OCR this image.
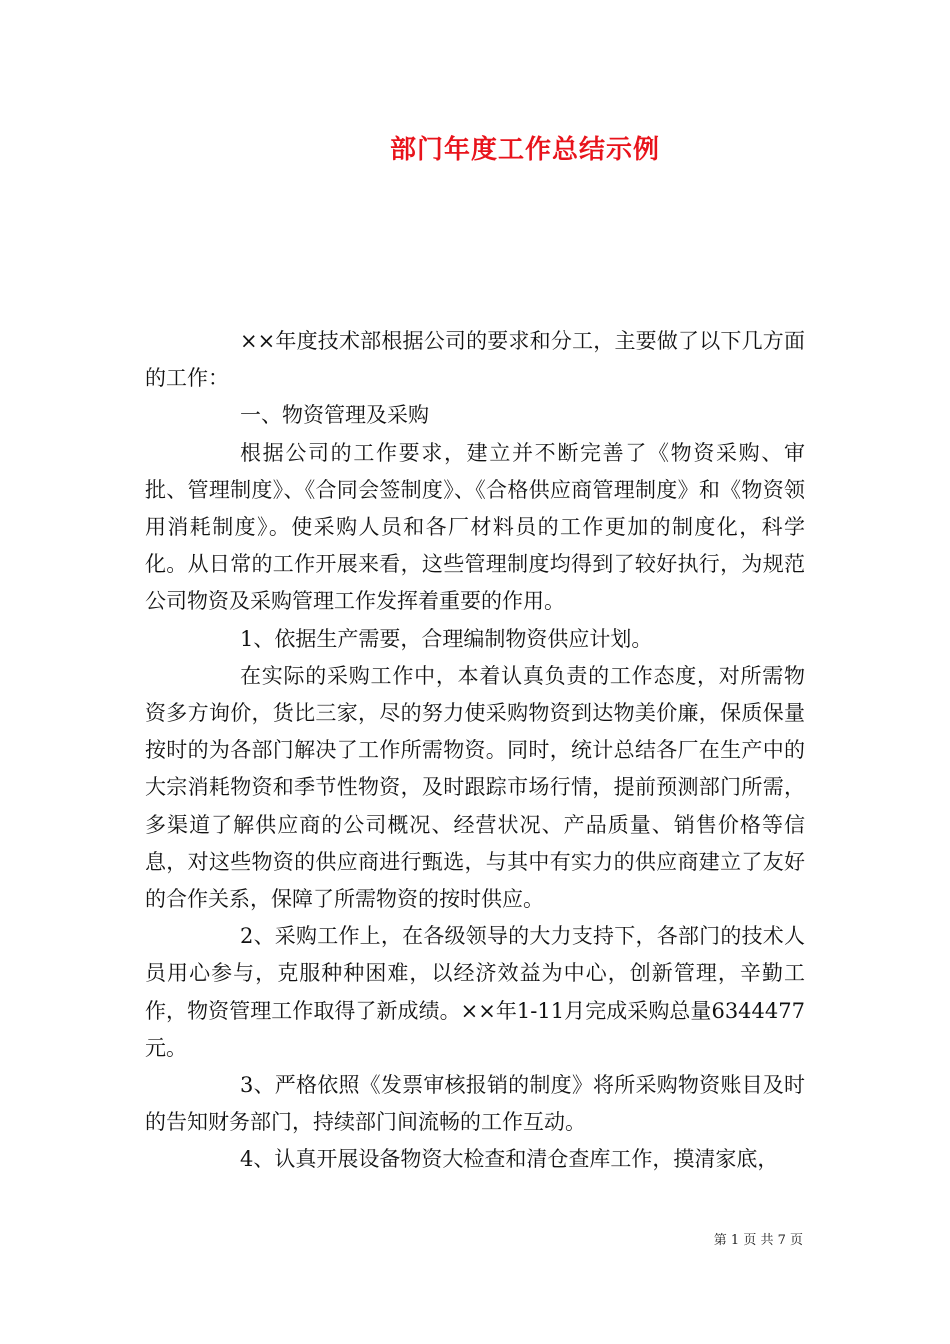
部门年度工作总结示例

××年度技术部根据公司的要求和分工，主要做了以下几方面的工作：

一、物资管理及采购

根据公司的工作要求，建立并不断完善了《物资采购、审批、管理制度》、《合同会签制度》、《合格供应商管理制度》和《物资领用消耗制度》。使采购人员和各厂材料员的工作更加的制度化，科学化。从日常的工作开展来看，这些管理制度均得到了较好执行，为规范公司物资及采购管理工作发挥着重要的作用。

1、依据生产需要，合理编制物资供应计划。

在实际的采购工作中，本着认真负责的工作态度，对所需物资多方询价，货比三家，尽的努力使采购物资到达物美价廉，保质保量按时的为各部门解决了工作所需物资。同时，统计总结各厂在生产中的大宗消耗物资和季节性物资，及时跟踪市场行情，提前预测部门所需，多渠道了解供应商的公司概况、经营状况、产品质量、销售价格等信息，对这些物资的供应商进行甄选，与其中有实力的供应商建立了友好的合作关系，保障了所需物资的按时供应。

2、采购工作上，在各级领导的大力支持下，各部门的技术人员用心参与，克服种种困难，以经济效益为中心，创新管理，辛勤工作，物资管理工作取得了新成绩。××年1-11月完成采购总量6344477元。

3、严格依照《发票审核报销的制度》将所采购物资账目及时的告知财务部门，持续部门间流畅的工作互动。

4、认真开展设备物资大检查和清仓查库工作，摸清家底，

第 1 页 共 7 页
